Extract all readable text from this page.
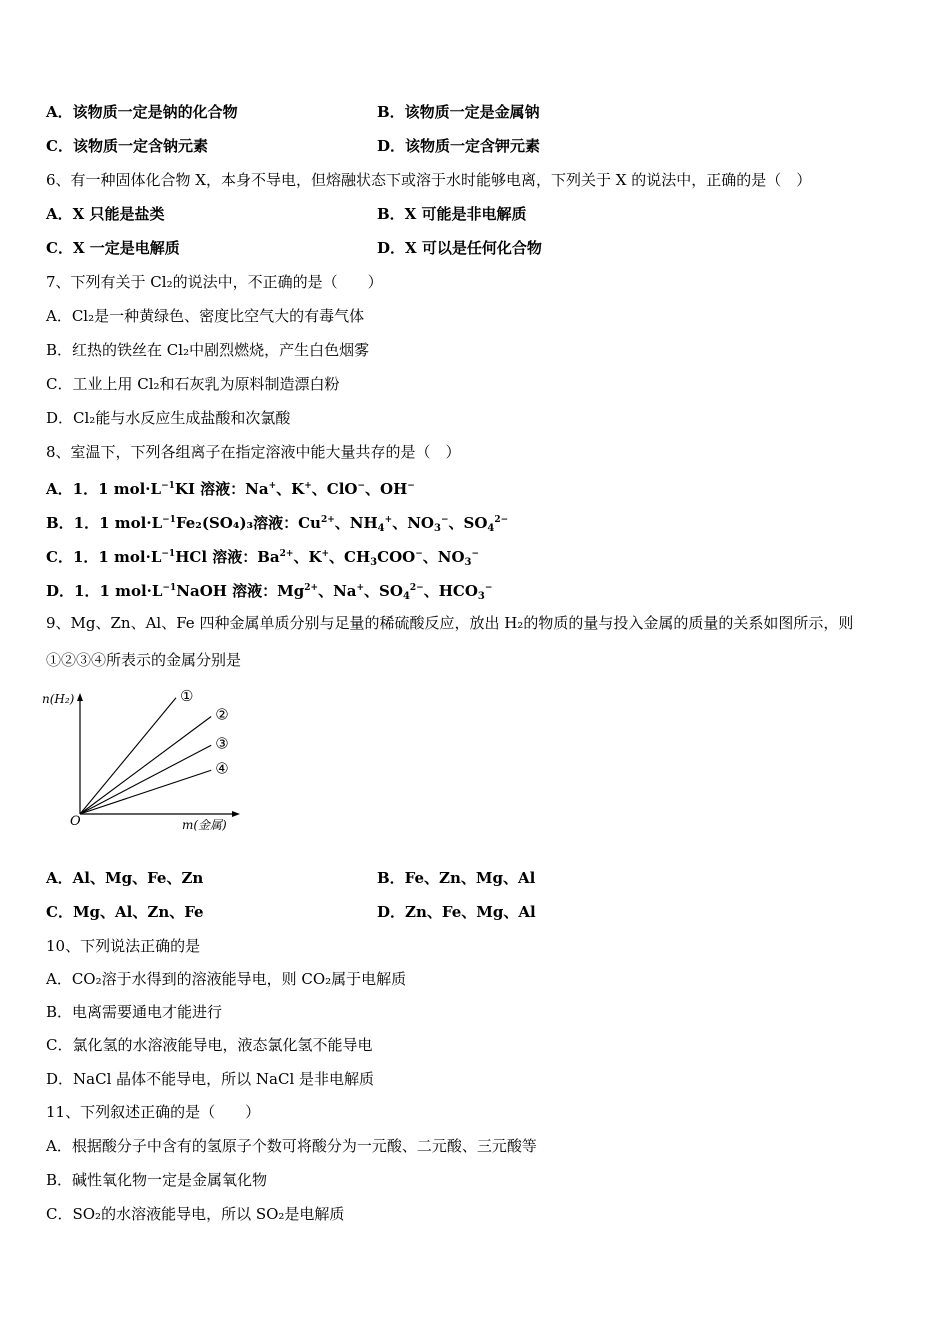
A．该物质一定是钠的化合物	B．该物质一定是金属钠
C．该物质一定含钠元素	D．该物质一定含钾元素
6、有一种固体化合物 X，本身不导电，但熔融状态下或溶于水时能够电离，下列关于 X 的说法中，正确的是（　）
A．X 只能是盐类	B．X 可能是非电解质
C．X 一定是电解质	D．X 可以是任何化合物
7、下列有关于 Cl₂的说法中，不正确的是（　　）
A．Cl₂是一种黄绿色、密度比空气大的有毒气体
B．红热的铁丝在 Cl₂中剧烈燃烧，产生白色烟雾
C．工业上用 Cl₂和石灰乳为原料制造漂白粉
D．Cl₂能与水反应生成盐酸和次氯酸
8、室温下，下列各组离子在指定溶液中能大量共存的是（　）
A．1．1 $mol\cdot L^{-1}KI$ 溶液：Na+、K+、ClO−、OH−
B．1．1 $mol\cdot L^{-1}Fe_2(SO_4)_3$溶液：$Cu^{2+}$、$NH_4^+$、$NO_3^-$、$SO_4^{2-}$
C．1．1 $mol\cdot L^{-1}HCl$ 溶液：$Ba^{2+}$、K+、$CH_3COO^-$、$NO_3^-$
D．1．1 $mol\cdot L^{-1}NaOH$ 溶液：$Mg^{2+}$、Na+、$SO_4^{2-}$、$HCO_3^-$
9、Mg、Zn、Al、Fe 四种金属单质分别与足量的稀硫酸反应，放出 H₂的物质的量与投入金属的质量的关系如图所示，则
①②③④所表示的金属分别是
n(H₂)
m(金属)
O
①
②
③
④
A．Al、Mg、Fe、Zn	B．Fe、Zn、Mg、Al
C．Mg、Al、Zn、Fe	D．Zn、Fe、Mg、Al
10、下列说法正确的是
A．CO₂溶于水得到的溶液能导电，则 CO₂属于电解质
B．电离需要通电才能进行
C．氯化氢的水溶液能导电，液态氯化氢不能导电
D．NaCl 晶体不能导电，所以 NaCl 是非电解质
11、下列叙述正确的是（　　）
A．根据酸分子中含有的氢原子个数可将酸分为一元酸、二元酸、三元酸等
B．碱性氧化物一定是金属氧化物
C．SO₂的水溶液能导电，所以 SO₂是电解质
